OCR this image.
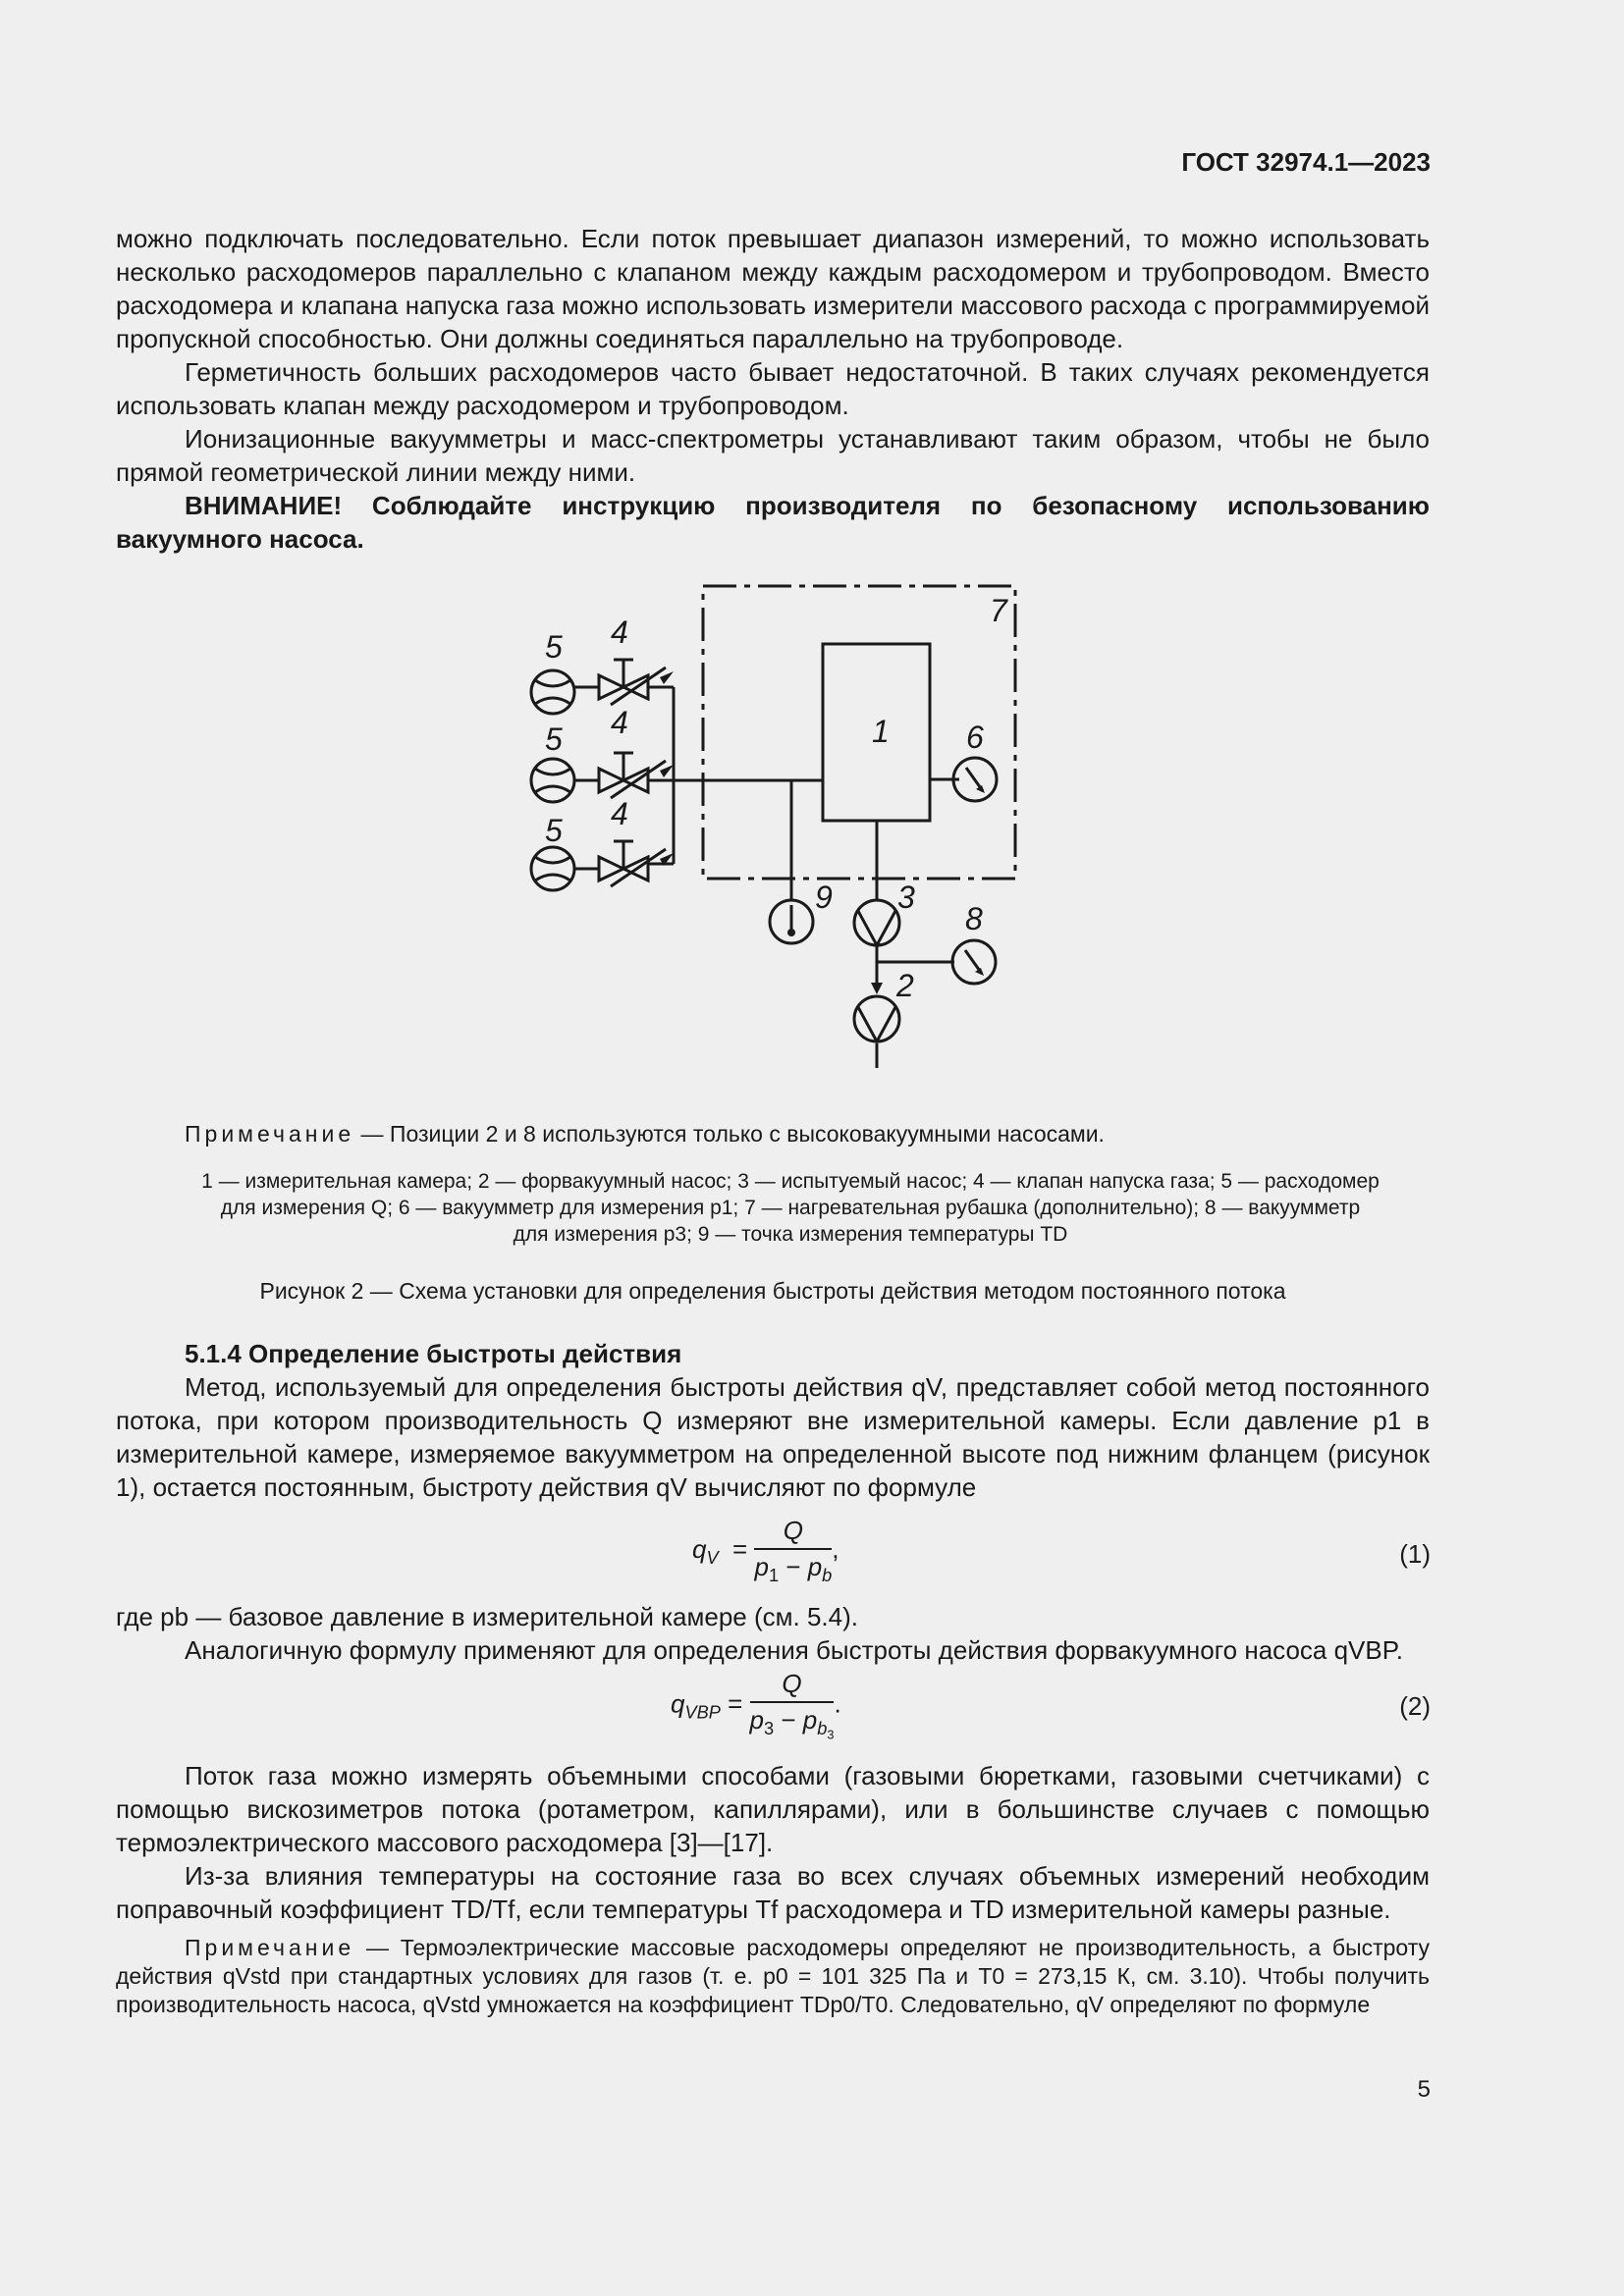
ГОСТ 32974.1—2023

можно подключать последовательно. Если поток превышает диапазон измерений, то можно использовать несколько расходомеров параллельно с клапаном между каждым расходомером и трубопроводом. Вместо расходомера и клапана напуска газа можно использовать измерители массового расхода с программируемой пропускной способностью. Они должны соединяться параллельно на трубопроводе.

Герметичность больших расходомеров часто бывает недостаточной. В таких случаях рекомендуется использовать клапан между расходомером и трубопроводом.

Ионизационные вакуумметры и масс-спектрометры устанавливают таким образом, чтобы не было прямой геометрической линии между ними.

ВНИМАНИЕ! Соблюдайте инструкцию производителя по безопасному использованию вакуумного насоса.

1
2
3
4
4
4
5
5
5
6
7
8
9
Примечание — Позиции 2 и 8 используются только с высоковакуумными насосами.
1 — измерительная камера; 2 — форвакуумный насос; 3 — испытуемый насос; 4 — клапан напуска газа; 5 — расходомер
для измерения Q; 6 — вакуумметр для измерения p1; 7 — нагревательная рубашка (дополнительно); 8 — вакуумметр
для измерения p3; 9 — точка измерения температуры TD
Рисунок 2 — Схема установки для определения быстроты действия методом постоянного потока

5.1.4 Определение быстроты действия

Метод, используемый для определения быстроты действия qV, представляет собой метод постоянного потока, при котором производительность Q измеряют вне измерительной камеры. Если давление p1 в измерительной камере, измеряемое вакуумметром на определенной высоте под нижним фланцем (рисунок 1), остается постоянным, быстроту действия qV вычисляют по формуле

$q_V = \frac{Q}{p_1 - p_b}$ ,	(1)

где pb — базовое давление в измерительной камере (см. 5.4).

Аналогичную формулу применяют для определения быстроты действия форвакуумного насоса qVBP.

$q_{VBP} = \frac{Q}{p_3 - p_{b_3}}$ .	(2)

Поток газа можно измерять объемными способами (газовыми бюретками, газовыми счетчиками) с помощью вискозиметров потока (ротаметром, капиллярами), или в большинстве случаев с помощью термоэлектрического массового расходомера [3]—[17].

Из-за влияния температуры на состояние газа во всех случаях объемных измерений необходим поправочный коэффициент TD/Tf, если температуры Tf расходомера и TD измерительной камеры разные.

Примечание — Термоэлектрические массовые расходомеры определяют не производительность, а быстроту действия qVstd при стандартных условиях для газов (т. е. p0 = 101 325 Па и T0 = 273,15 К, см. 3.10). Чтобы получить производительность насоса, qVstd умножается на коэффициент TDp0/T0. Следовательно, qV определяют по формуле

5
